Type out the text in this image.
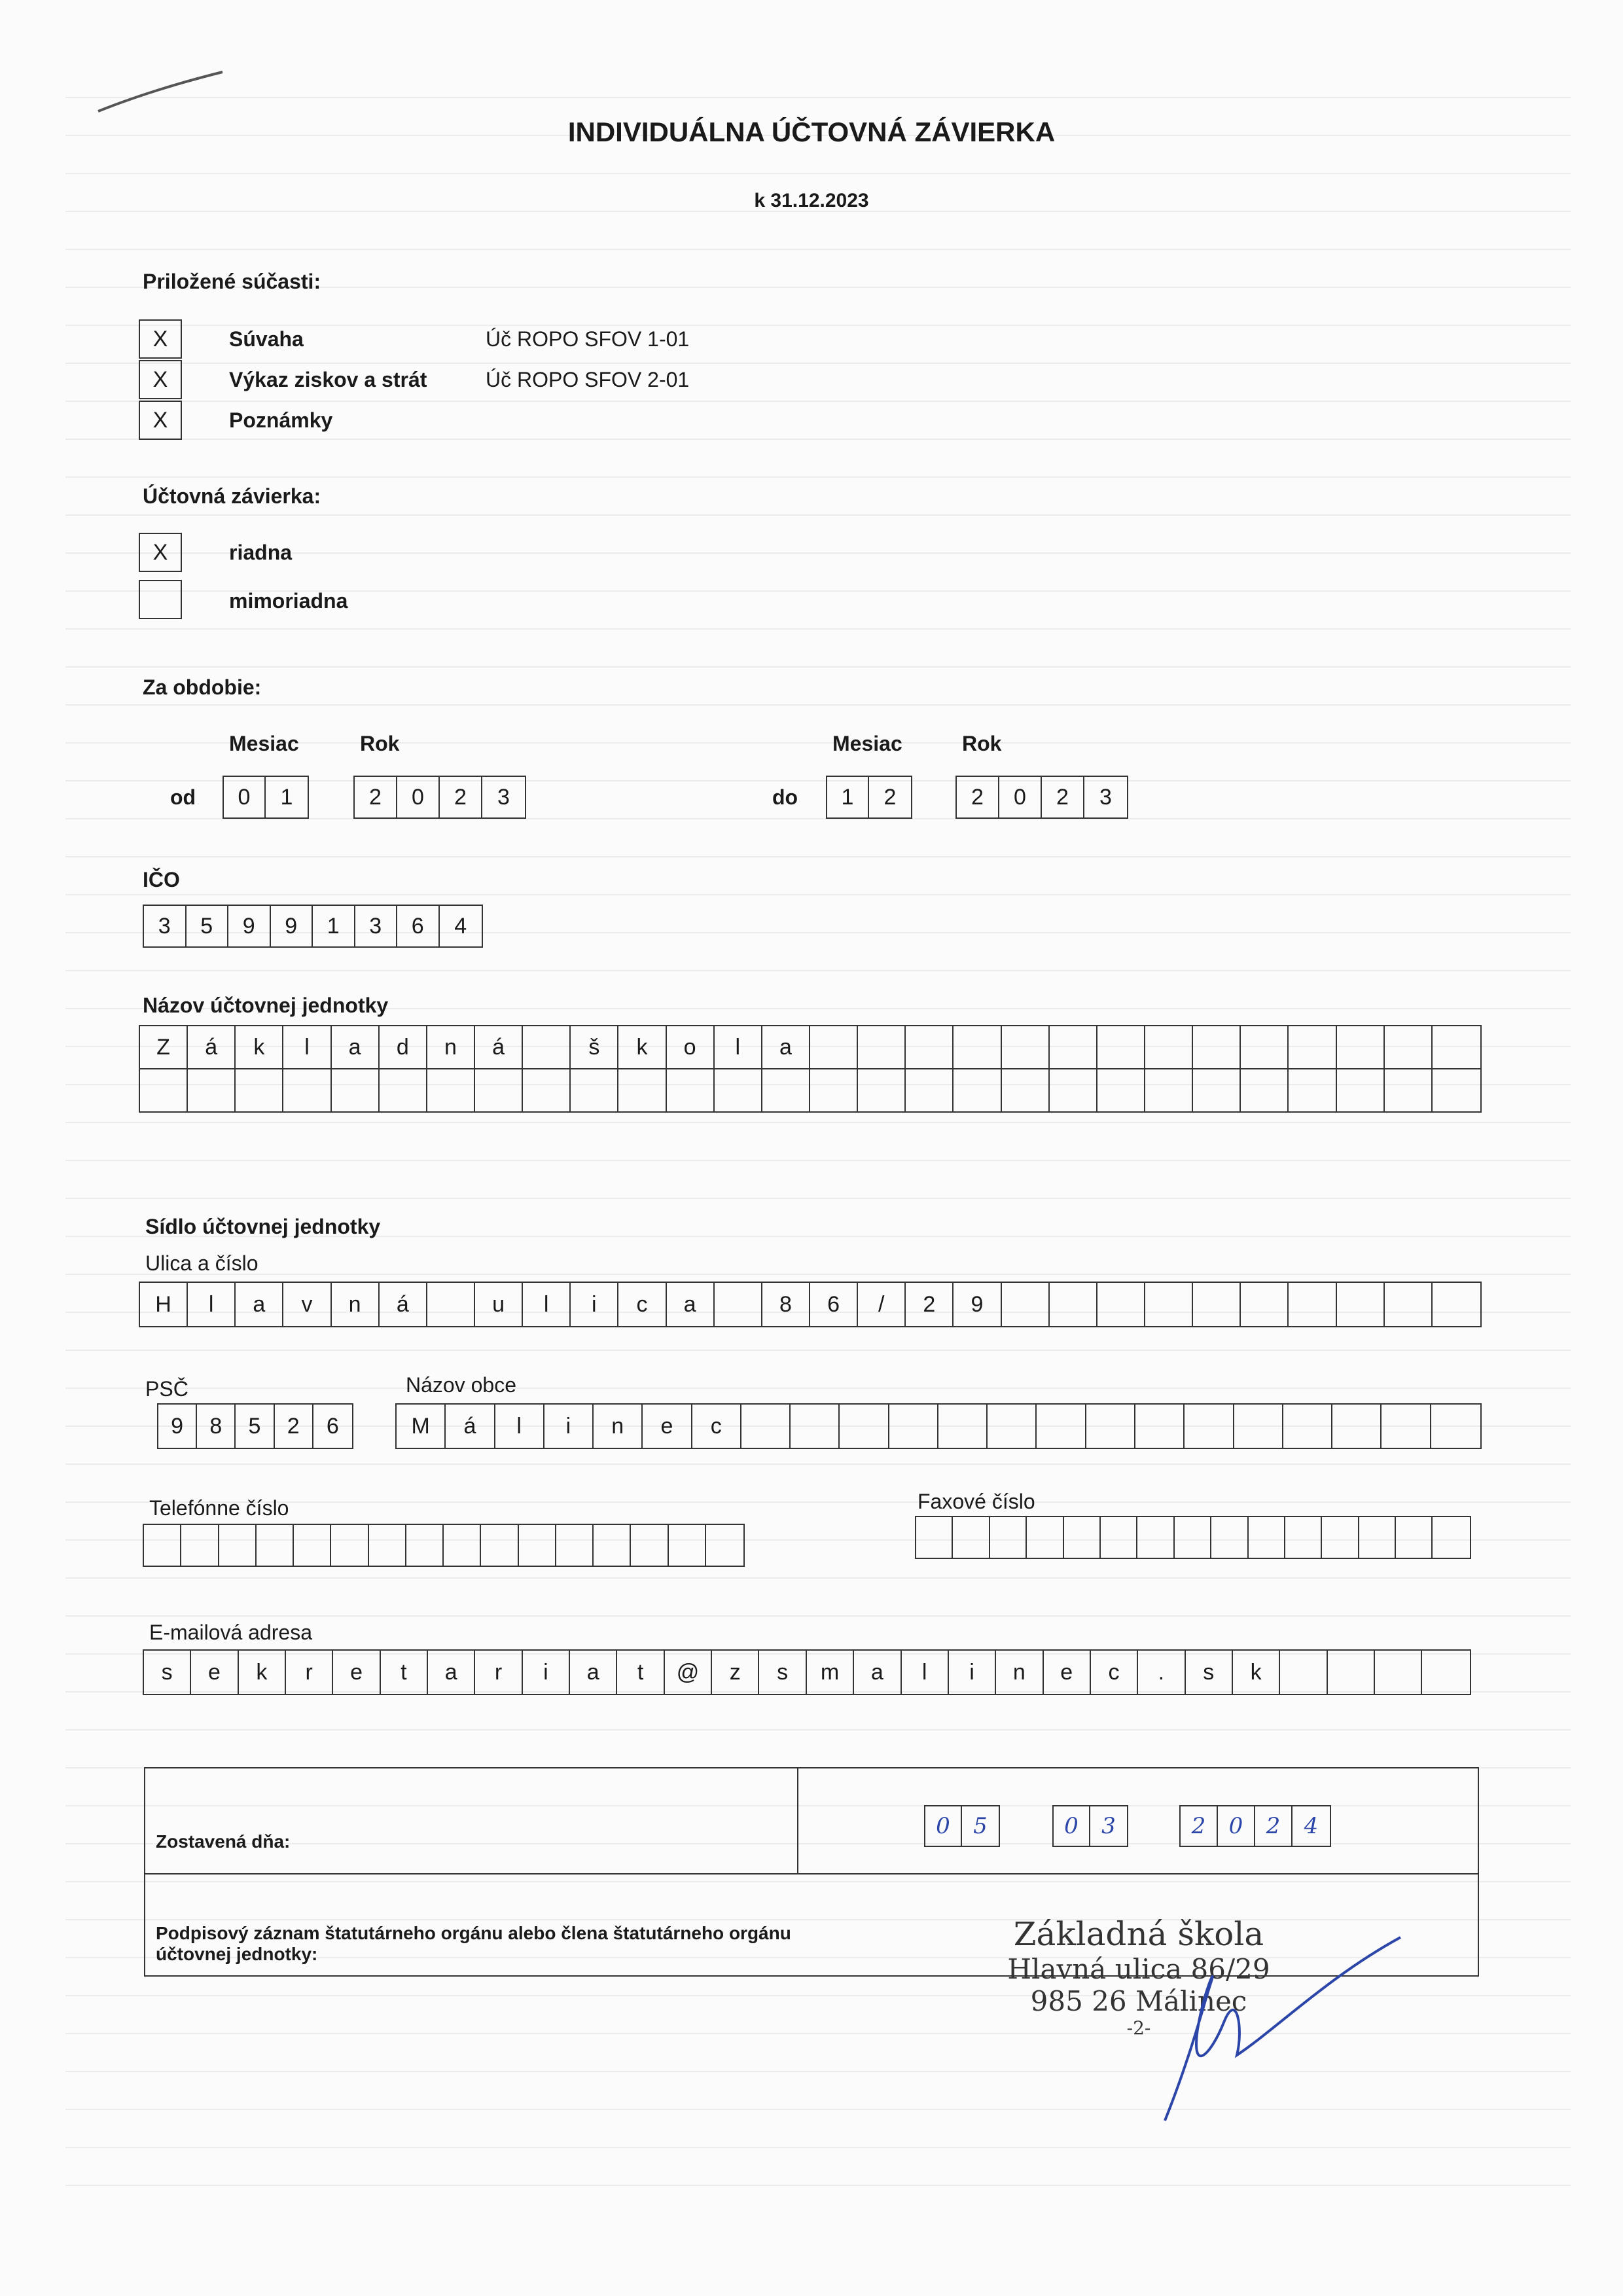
INDIVIDUÁLNA ÚČTOVNÁ ZÁVIERKA
k 31.12.2023
Priložené súčasti:
X	Súvaha	Úč ROPO SFOV 1-01
X	Výkaz ziskov a strát	Úč ROPO SFOV 2-01
X	Poznámky
Účtovná závierka:
X	riadna
mimoriadna
Za obdobie:
Mesiac	Rok	Mesiac	Rok
od	0	1	2	0	2	3	do	1	2	2	0	2	3
IČO
3	5	9	9	1	3	6	4
Názov účtovnej jednotky
Z	á	k	l	a	d	n	á	š	k	o	l	a
Sídlo účtovnej jednotky
Ulica a číslo
H	l	a	v	n	á	u	l	i	c	a	8	6	/	2	9
PSČ	Názov obce
9	8	5	2	6	M	á	l	i	n	e	c
Telefónne číslo	Faxové číslo
E-mailová adresa
s	e	k	r	e	t	a	r	i	a	t	@	z	s	m	a	l	i	n	e	c	.	s	k
Zostavená dňa:
Podpisový záznam štatutárneho orgánu alebo člena štatutárneho orgánu účtovnej jednotky:
0	5	0	3	2	0	2	4
Základná škola
Hlavná ulica 86/29
985 26 Málinec
-2-
